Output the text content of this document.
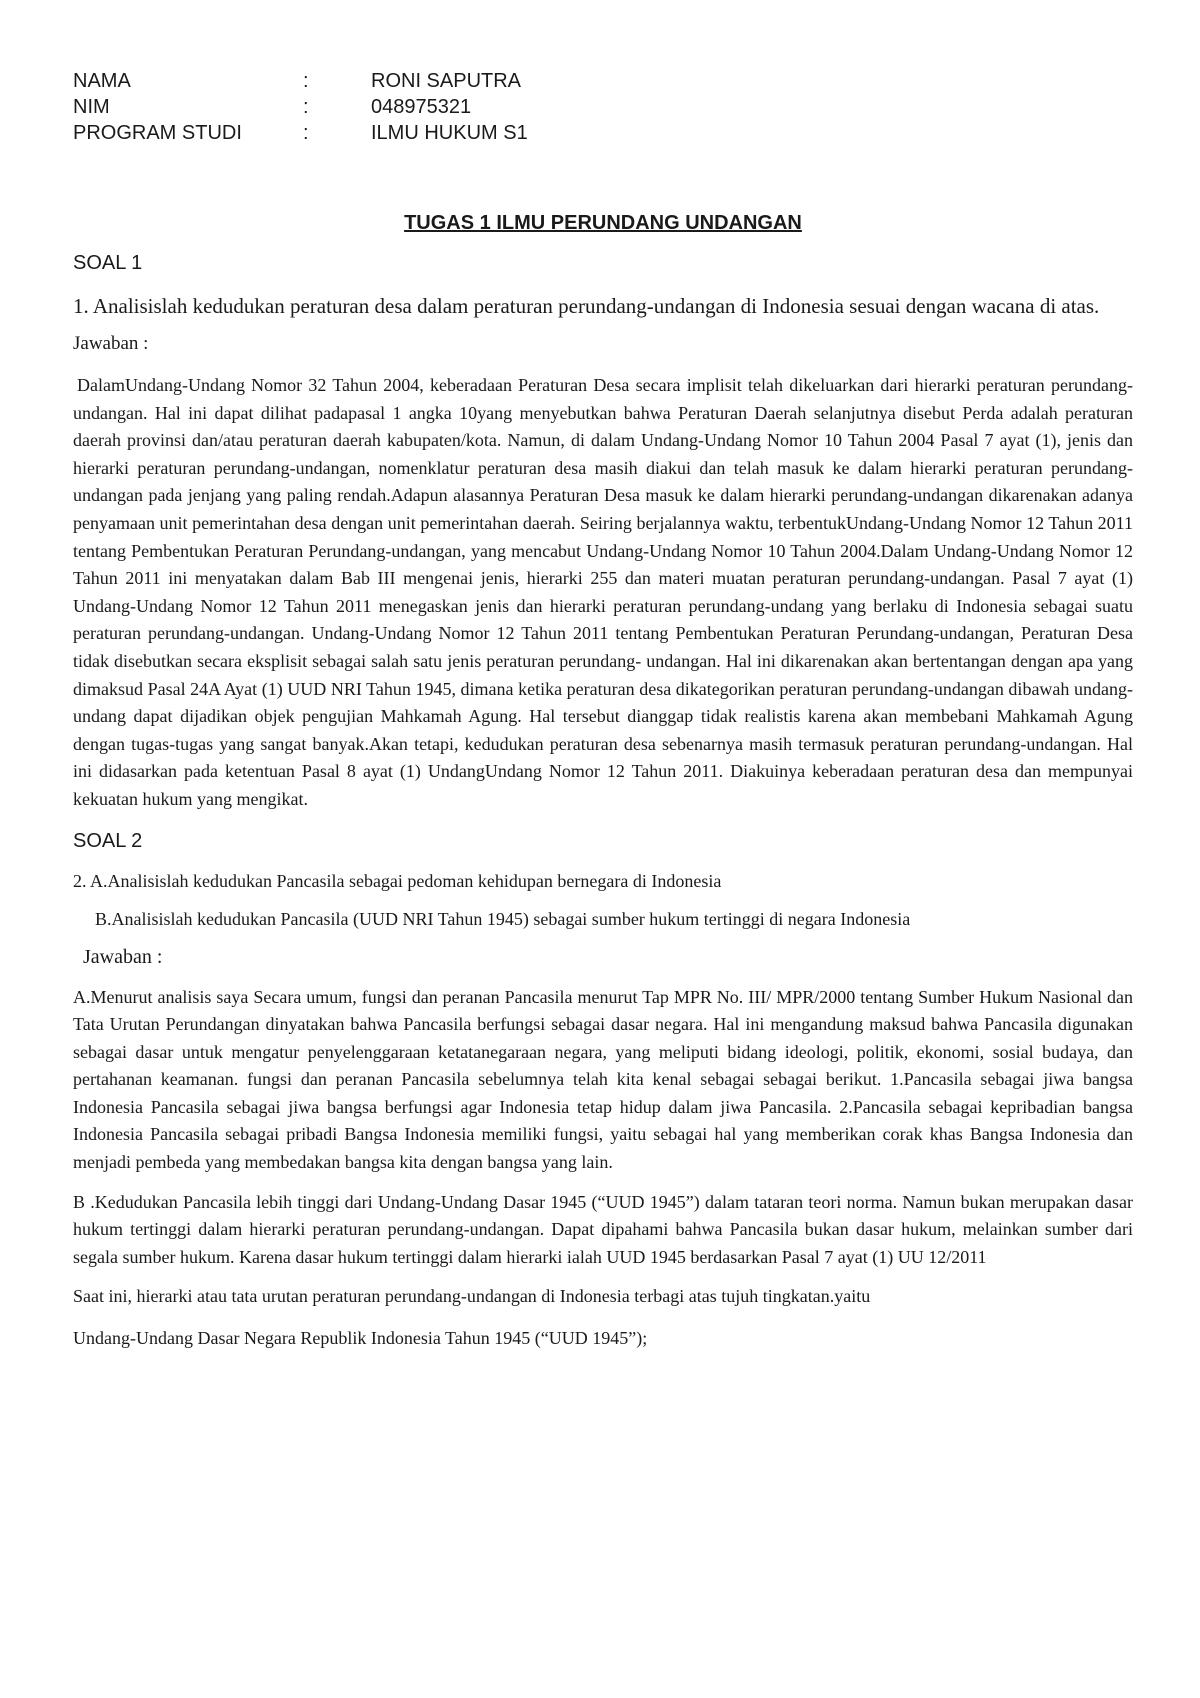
NAMA	:	RONI SAPUTRA
NIM	:	048975321
PROGRAM STUDI	:	ILMU HUKUM S1
TUGAS 1 ILMU PERUNDANG UNDANGAN
SOAL 1

1. Analisislah kedudukan peraturan desa dalam peraturan perundang-undangan di Indonesia sesuai dengan wacana di atas.

Jawaban :

DalamUndang-Undang Nomor 32 Tahun 2004, keberadaan Peraturan Desa secara implisit telah dikeluarkan dari hierarki peraturan perundang-undangan. Hal ini dapat dilihat padapasal 1 angka 10yang menyebutkan bahwa Peraturan Daerah selanjutnya disebut Perda adalah peraturan daerah provinsi dan/atau peraturan daerah kabupaten/kota. Namun, di dalam Undang-Undang Nomor 10 Tahun 2004 Pasal 7 ayat (1), jenis dan hierarki peraturan perundang-undangan, nomenklatur peraturan desa masih diakui dan telah masuk ke dalam hierarki peraturan perundang-undangan pada jenjang yang paling rendah.Adapun alasannya Peraturan Desa masuk ke dalam hierarki perundang-undangan dikarenakan adanya penyamaan unit pemerintahan desa dengan unit pemerintahan daerah. Seiring berjalannya waktu, terbentukUndang-Undang Nomor 12 Tahun 2011 tentang Pembentukan Peraturan Perundang-undangan, yang mencabut Undang-Undang Nomor 10 Tahun 2004.Dalam Undang-Undang Nomor 12 Tahun 2011 ini menyatakan dalam Bab III mengenai jenis, hierarki 255 dan materi muatan peraturan perundang-undangan. Pasal 7 ayat (1) Undang-Undang Nomor 12 Tahun 2011 menegaskan jenis dan hierarki peraturan perundang-undang yang berlaku di Indonesia sebagai suatu peraturan perundang-undangan. Undang-Undang Nomor 12 Tahun 2011 tentang Pembentukan Peraturan Perundang-undangan, Peraturan Desa tidak disebutkan secara eksplisit sebagai salah satu jenis peraturan perundang- undangan. Hal ini dikarenakan akan bertentangan dengan apa yang dimaksud Pasal 24A Ayat (1) UUD NRI Tahun 1945, dimana ketika peraturan desa dikategorikan peraturan perundang-undangan dibawah undang-undang dapat dijadikan objek pengujian Mahkamah Agung. Hal tersebut dianggap tidak realistis karena akan membebani Mahkamah Agung dengan tugas-tugas yang sangat banyak.Akan tetapi, kedudukan peraturan desa sebenarnya masih termasuk peraturan perundang-undangan. Hal ini didasarkan pada ketentuan Pasal 8 ayat (1) UndangUndang Nomor 12 Tahun 2011. Diakuinya keberadaan peraturan desa dan mempunyai kekuatan hukum yang mengikat.

SOAL 2
2. A.Analisislah kedudukan Pancasila sebagai pedoman kehidupan bernegara di Indonesia
B.Analisislah kedudukan Pancasila (UUD NRI Tahun 1945) sebagai sumber hukum tertinggi di negara Indonesia
Jawaban :

A.Menurut analisis saya Secara umum, fungsi dan peranan Pancasila menurut Tap MPR No. III/ MPR/2000 tentang Sumber Hukum Nasional dan Tata Urutan Perundangan dinyatakan bahwa Pancasila berfungsi sebagai dasar negara. Hal ini mengandung maksud bahwa Pancasila digunakan sebagai dasar untuk mengatur penyelenggaraan ketatanegaraan negara, yang meliputi bidang ideologi, politik, ekonomi, sosial budaya, dan pertahanan keamanan. fungsi dan peranan Pancasila sebelumnya telah kita kenal sebagai sebagai berikut. 1.Pancasila sebagai jiwa bangsa Indonesia Pancasila sebagai jiwa bangsa berfungsi agar Indonesia tetap hidup dalam jiwa Pancasila. 2.Pancasila sebagai kepribadian bangsa Indonesia Pancasila sebagai pribadi Bangsa Indonesia memiliki fungsi, yaitu sebagai hal yang memberikan corak khas Bangsa Indonesia dan menjadi pembeda yang membedakan bangsa kita dengan bangsa yang lain.

B .Kedudukan Pancasila lebih tinggi dari Undang-Undang Dasar 1945 (“UUD 1945”) dalam tataran teori norma. Namun bukan merupakan dasar hukum tertinggi dalam hierarki peraturan perundang-undangan. Dapat dipahami bahwa Pancasila bukan dasar hukum, melainkan sumber dari segala sumber hukum. Karena dasar hukum tertinggi dalam hierarki ialah UUD 1945 berdasarkan Pasal 7 ayat (1) UU 12/2011

Saat ini, hierarki atau tata urutan peraturan perundang-undangan di Indonesia terbagi atas tujuh tingkatan.yaitu

Undang-Undang Dasar Negara Republik Indonesia Tahun 1945 (“UUD 1945”);
